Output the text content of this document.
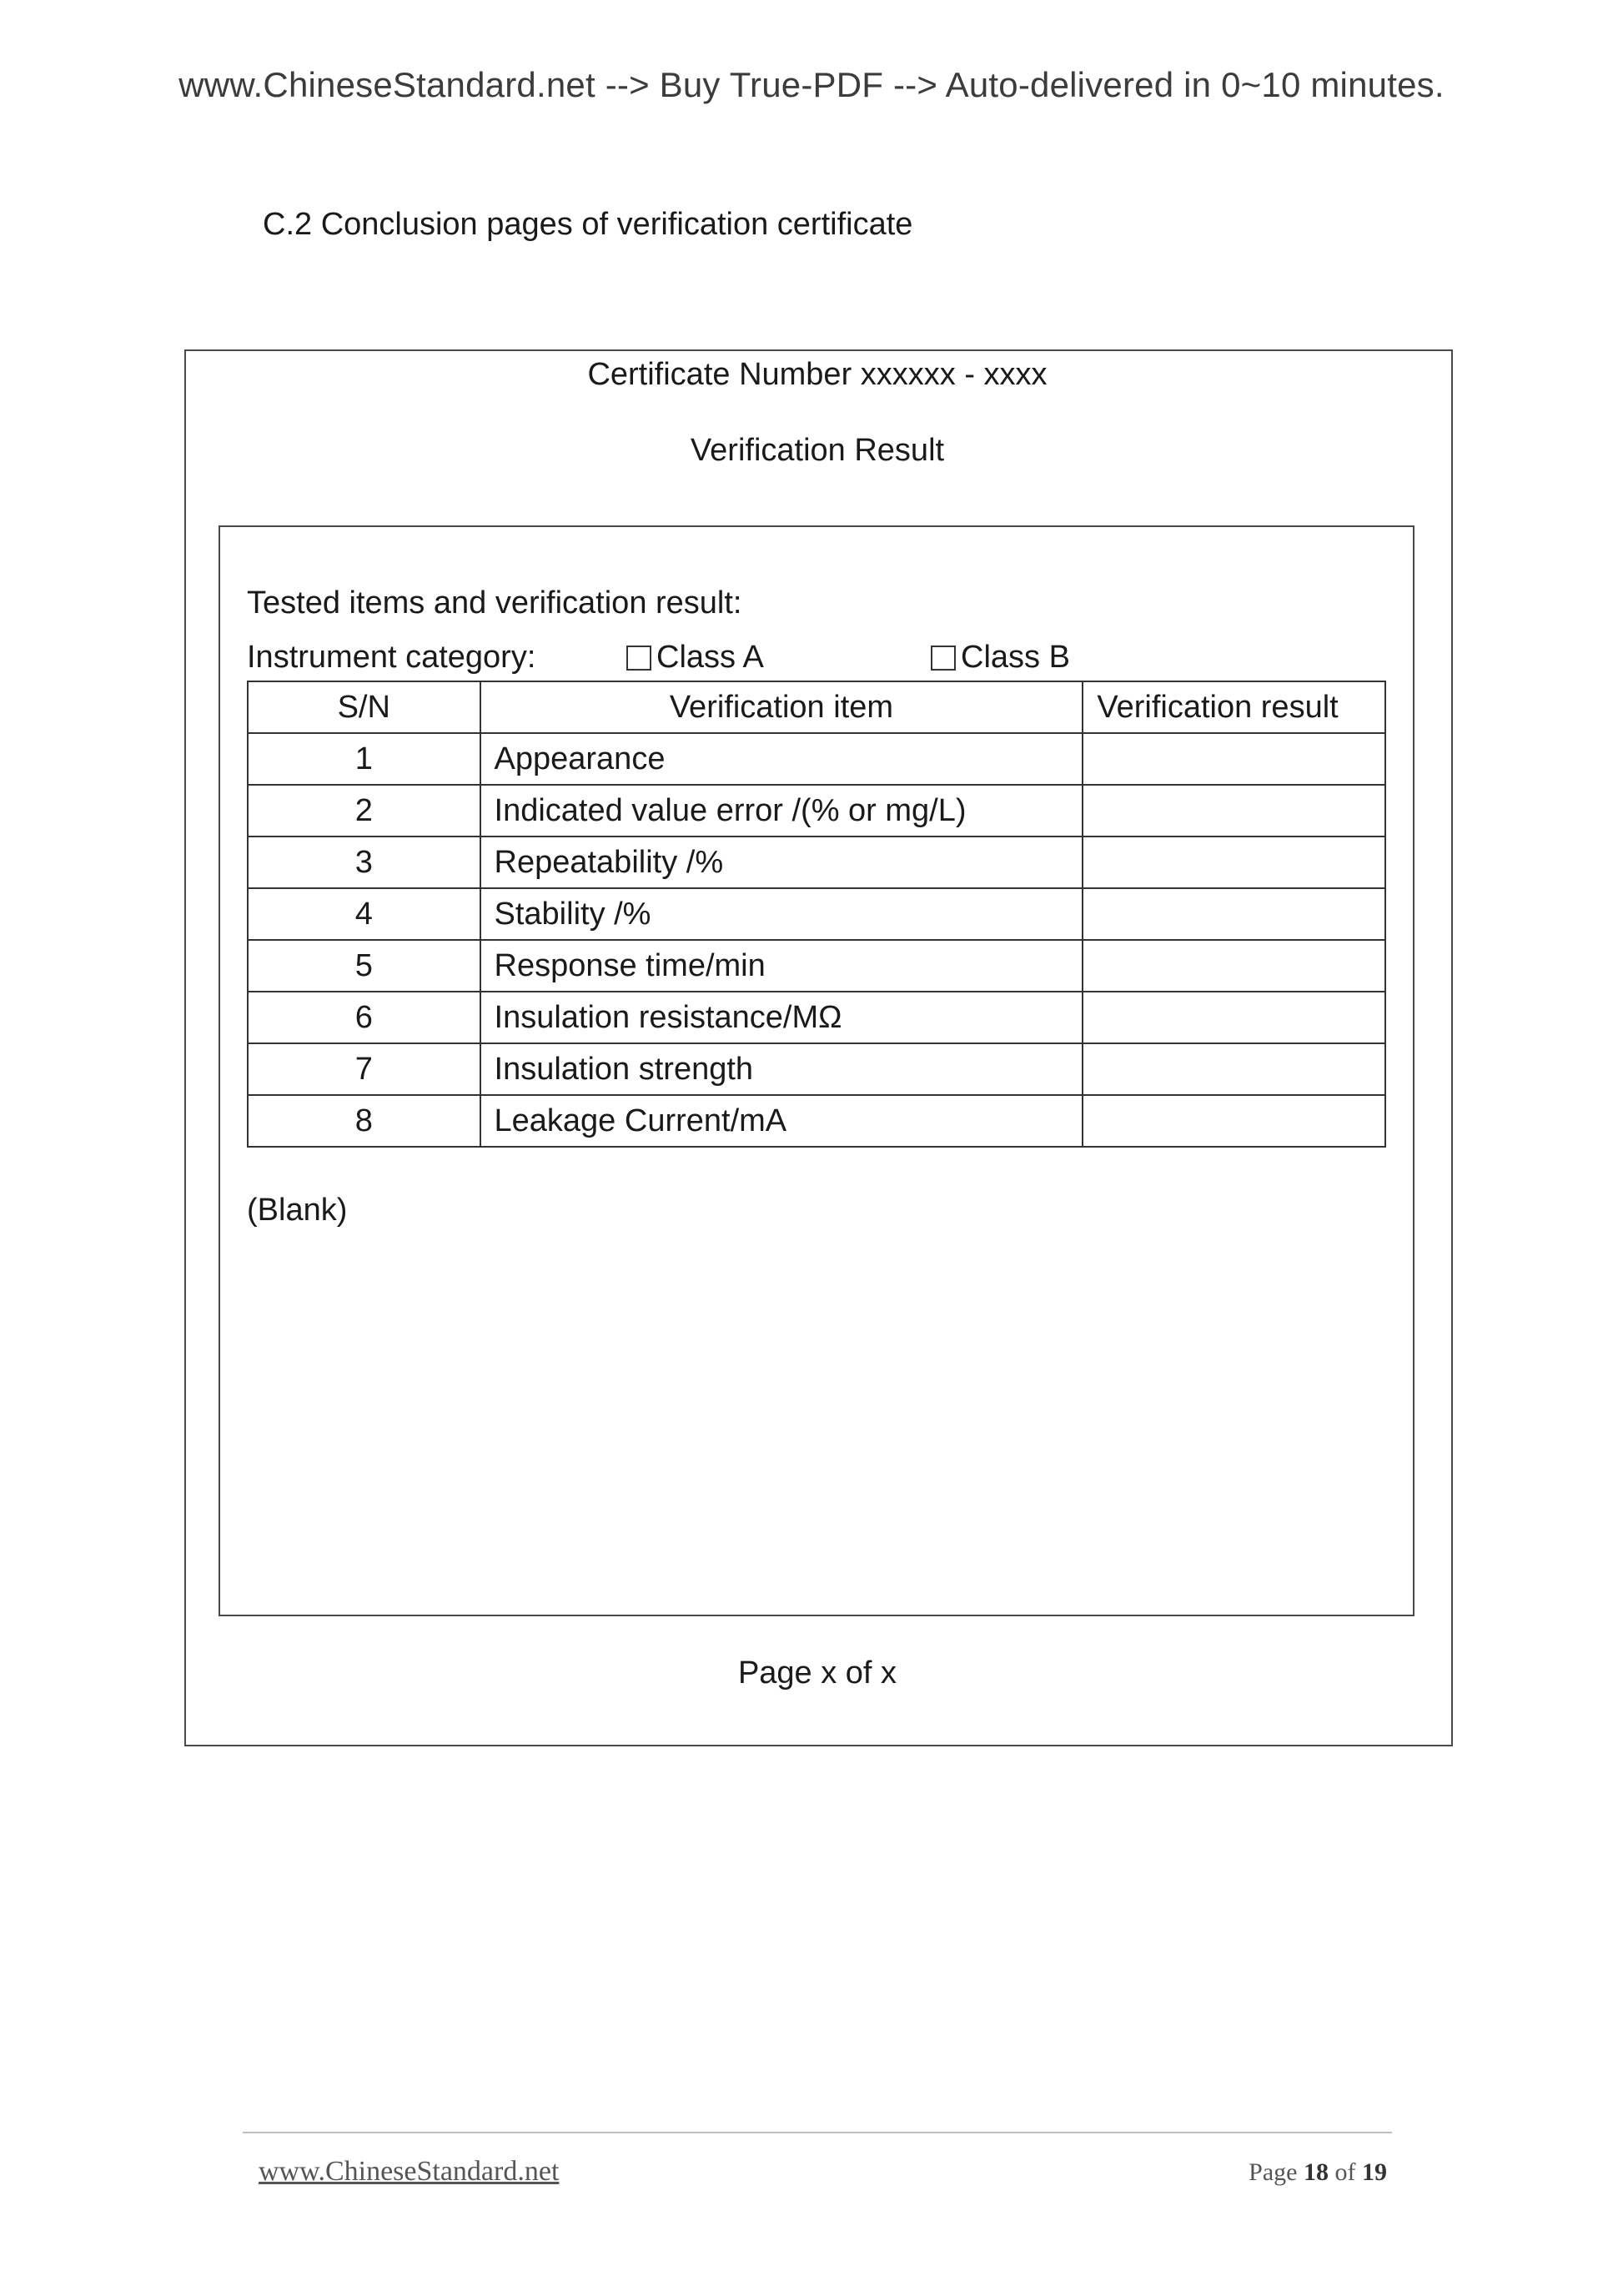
www.ChineseStandard.net --> Buy True-PDF --> Auto-delivered in 0~10 minutes.
C.2 Conclusion pages of verification certificate
Certificate Number xxxxxx - xxxx
Verification Result
Tested items and verification result:
Instrument category:	Class A	Class B
S/N	Verification item	Verification result
1	Appearance	
2	Indicated value error /(% or mg/L)	
3	Repeatability /%	
4	Stability /%	
5	Response time/min	
6	Insulation resistance/MΩ	
7	Insulation strength	
8	Leakage Current/mA	
(Blank)
Page x of x
www.ChineseStandard.net	Page 18 of 19
